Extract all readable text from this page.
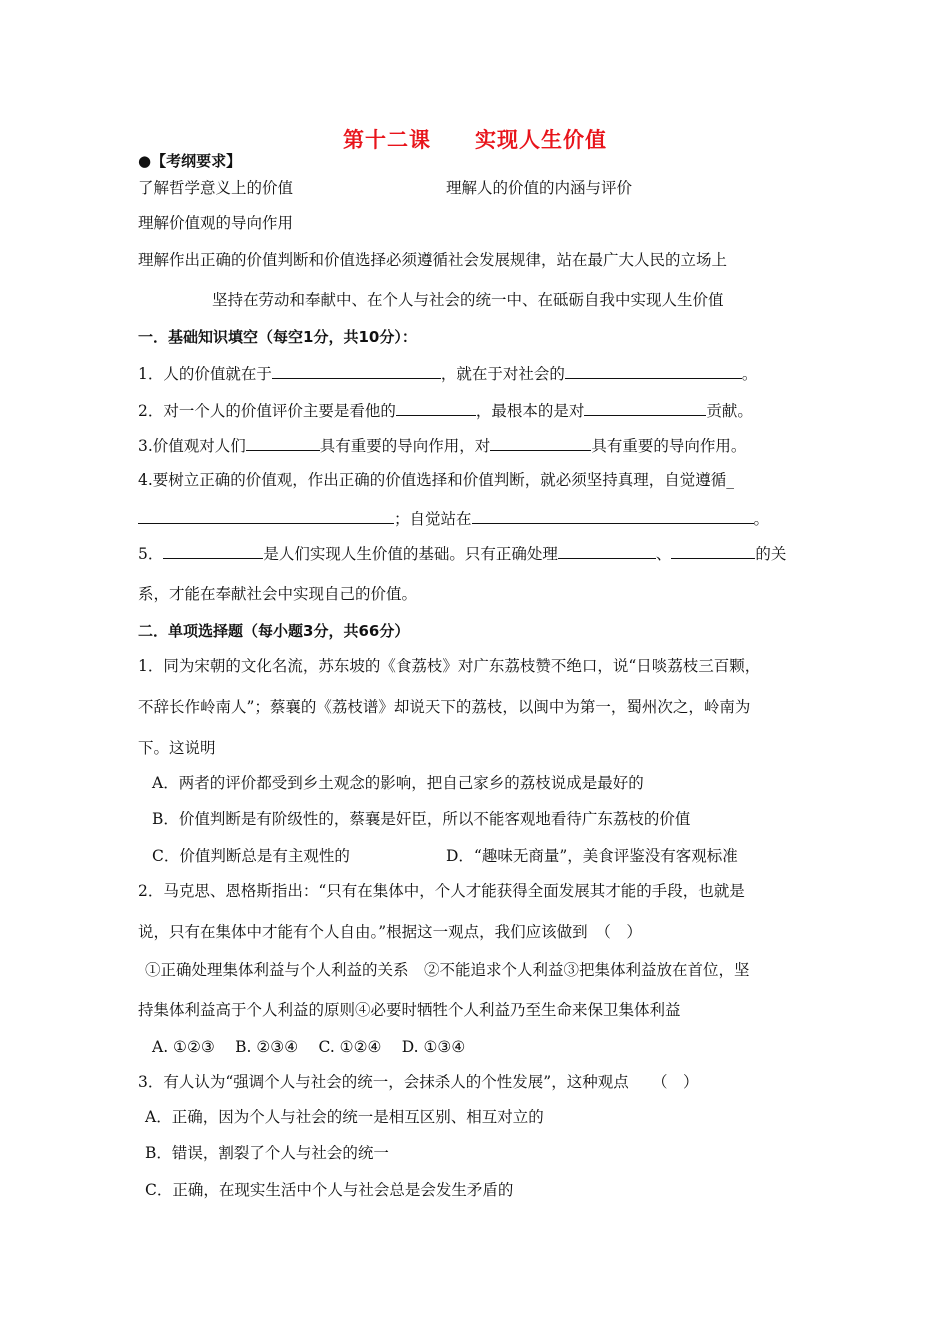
第十二课 实现人生价值
●【考纲要求】
了解哲学意义上的价值	理解人的价值的内涵与评价
理解价值观的导向作用
理解作出正确的价值判断和价值选择必须遵循社会发展规律，站在最广大人民的立场上
坚持在劳动和奉献中、在个人与社会的统一中、在砥砺自我中实现人生价值
一．基础知识填空（每空1分，共10分）：
1．人的价值就在于	，就在于对社会的	。
2．对一个人的价值评价主要是看他的	，最根本的是对	贡献。
3.价值观对人们	具有重要的导向作用，对	具有重要的导向作用。
4.要树立正确的价值观，作出正确的价值选择和价值判断，就必须坚持真理，自觉遵循_
；自觉站在	。
5．	是人们实现人生价值的基础。只有正确处理	、	的关
系，才能在奉献社会中实现自己的价值。
二．单项选择题（每小题3分，共66分）
1．同为宋朝的文化名流，苏东坡的《食荔枝》对广东荔枝赞不绝口，说“日啖荔枝三百颗，
不辞长作岭南人”；蔡襄的《荔枝谱》却说天下的荔枝，以闽中为第一，蜀州次之，岭南为
下。这说明
A．两者的评价都受到乡土观念的影响，把自己家乡的荔枝说成是最好的
B．价值判断是有阶级性的，蔡襄是奸臣，所以不能客观地看待广东荔枝的价值
C．价值判断总是有主观性的	D．“趣味无商量”，美食评鉴没有客观标准
2．马克思、恩格斯指出：“只有在集体中，个人才能获得全面发展其才能的手段，也就是
说，只有在集体中才能有个人自由。”根据这一观点，我们应该做到　（　）
①正确处理集体利益与个人利益的关系　②不能追求个人利益③把集体利益放在首位，坚
持集体利益高于个人利益的原则④必要时牺牲个人利益乃至生命来保卫集体利益
A. ①②③　 B. ②③④　 C. ①②④　 D. ①③④
3．有人认为“强调个人与社会的统一，会抹杀人的个性发展”，这种观点　　（　）
A．正确，因为个人与社会的统一是相互区别、相互对立的
B．错误，割裂了个人与社会的统一
C．正确，在现实生活中个人与社会总是会发生矛盾的
